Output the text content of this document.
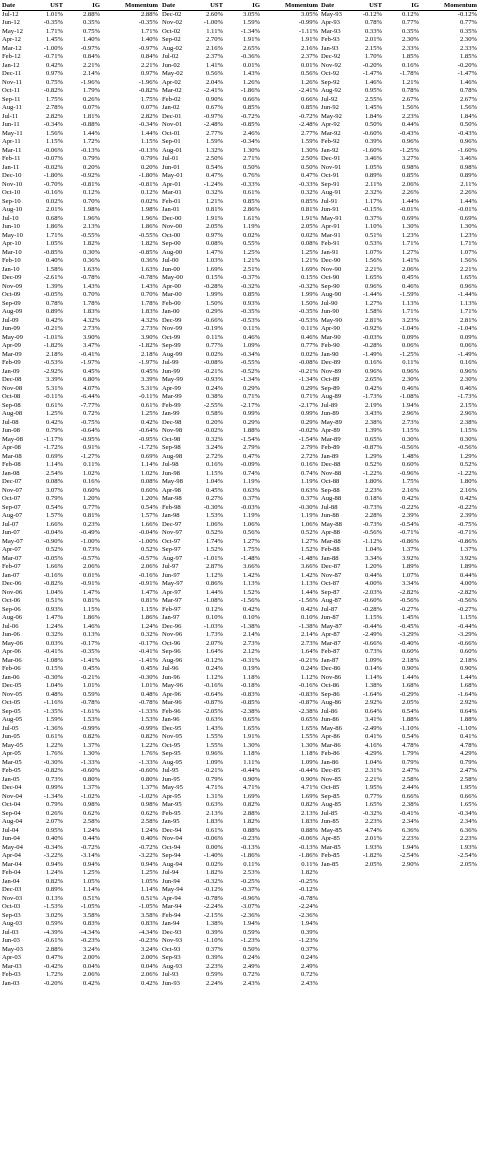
Date	UST	IG	Momentum
Jul-12	1.01%	2.88%	2.88%
Jun-12	-0.35%	0.35%	-0.35%
May-12	1.71%	0.75%	1.71%
Apr-12	1.45%	1.40%	1.40%
Mar-12	-1.00%	-0.97%	-0.97%
Feb-12	-0.71%	0.84%	0.84%
Jan-12	0.42%	2.21%	2.21%
Dec-11	0.97%	2.14%	0.97%
Nov-11	0.75%	-1.96%	-1.96%
Oct-11	-0.82%	1.79%	-0.82%
Sep-11	1.75%	0.26%	1.75%
Aug-11	2.78%	0.07%	0.07%
Jul-11	2.82%	1.81%	2.82%
Jun-11	-0.34%	-0.88%	-0.34%
May-11	1.56%	1.44%	1.44%
Apr-11	1.15%	1.72%	1.15%
Mar-11	-0.06%	-0.13%	-0.13%
Feb-11	-0.07%	0.79%	0.79%
Jan-11	-0.02%	0.20%	0.20%
Dec-10	-1.80%	-0.92%	-1.80%
Nov-10	-0.70%	-0.81%	-0.81%
Oct-10	-0.16%	0.12%	0.12%
Sep-10	0.02%	0.70%	0.02%
Aug-10	2.01%	1.98%	1.98%
Jul-10	0.68%	1.96%	1.96%
Jun-10	1.86%	2.13%	1.86%
May-10	1.71%	-0.55%	-0.55%
Apr-10	1.05%	1.82%	1.82%
Mar-10	-0.85%	0.30%	-0.85%
Feb-10	0.40%	0.36%	0.36%
Jan-10	1.58%	1.63%	1.63%
Dec-09	-2.61%	-0.78%	-0.78%
Nov-09	1.39%	1.43%	1.43%
Oct-09	-0.05%	0.70%	0.70%
Sep-09	0.78%	1.78%	1.78%
Aug-09	0.89%	1.83%	1.83%
Jul-09	0.42%	4.32%	4.32%
Jun-09	-0.21%	2.73%	2.73%
May-09	-1.01%	3.90%	3.90%
Apr-09	-1.82%	3.47%	-1.82%
Mar-09	2.18%	-0.41%	2.18%
Feb-09	-0.53%	-1.97%	-1.97%
Jan-09	-2.92%	0.45%	0.45%
Dec-08	3.39%	6.80%	3.39%
Nov-08	5.31%	4.07%	5.31%
Oct-08	-0.11%	-6.44%	-0.11%
Sep-08	0.61%	-7.77%	0.61%
Aug-08	1.25%	0.72%	1.25%
Jul-08	0.42%	-0.75%	0.42%
Jun-08	0.79%	-0.64%	-0.64%
May-08	-1.17%	-0.95%	-0.95%
Apr-08	-1.72%	0.91%	-1.72%
Mar-08	0.69%	-1.27%	0.69%
Feb-08	1.14%	0.11%	1.14%
Jan-08	2.54%	1.02%	1.02%
Dec-07	0.08%	0.16%	0.08%
Nov-07	3.07%	0.60%	0.60%
Oct-07	0.79%	1.20%	1.20%
Sep-07	0.54%	0.77%	0.54%
Aug-07	1.57%	0.81%	1.57%
Jul-07	1.66%	0.23%	1.66%
Jun-07	-0.04%	-0.49%	-0.04%
May-07	-0.90%	-1.00%	-1.00%
Apr-07	0.52%	0.73%	0.52%
Mar-07	-0.05%	-0.57%	-0.57%
Feb-07	1.66%	2.06%	2.06%
Jan-07	-0.16%	0.01%	-0.16%
Dec-06	-0.82%	-0.91%	-0.91%
Nov-06	1.04%	1.47%	1.47%
Oct-06	0.51%	0.81%	0.81%
Sep-06	0.93%	1.15%	1.15%
Aug-06	1.47%	1.86%	1.86%
Jul-06	1.24%	1.46%	1.24%
Jun-06	0.32%	0.13%	0.32%
May-06	0.03%	-0.17%	-0.17%
Apr-06	-0.41%	-0.35%	-0.41%
Mar-06	-1.08%	-1.41%	-1.41%
Feb-06	0.15%	0.45%	0.45%
Jan-06	-0.30%	-0.21%	-0.30%
Dec-05	1.04%	1.01%	1.01%
Nov-05	0.48%	0.59%	0.48%
Oct-05	-1.16%	-0.78%	-0.78%
Sep-05	-1.35%	-1.61%	-1.33%
Aug-05	1.59%	1.53%	1.53%
Jul-05	-1.36%	-0.99%	-0.99%
Jun-05	0.61%	0.82%	0.82%
May-05	1.22%	1.37%	1.22%
Apr-05	1.76%	1.30%	1.76%
Mar-05	-0.30%	-1.33%	-1.33%
Feb-05	-0.82%	-0.60%	-0.60%
Jan-05	0.73%	0.80%	0.80%
Dec-04	0.99%	1.37%	1.37%
Nov-04	-1.34%	-1.02%	-1.02%
Oct-04	0.79%	0.98%	0.98%
Sep-04	0.26%	0.62%	0.62%
Aug-04	2.07%	2.58%	2.58%
Jul-04	0.95%	1.24%	1.24%
Jun-04	0.40%	0.44%	0.40%
May-04	-0.34%	-0.72%	-0.72%
Apr-04	-3.22%	-3.14%	-3.22%
Mar-04	0.94%	0.94%	0.94%
Feb-04	1.24%	1.25%	1.25%
Jan-04	0.82%	1.05%	1.05%
Dec-03	0.89%	1.14%	1.14%
Nov-03	0.13%	0.51%	0.51%
Oct-03	-1.53%	-1.05%	-1.05%
Sep-03	3.02%	3.58%	3.58%
Aug-03	0.59%	0.83%	0.83%
Jul-03	-4.39%	-4.34%	-4.34%
Jun-03	-0.61%	-0.23%	-0.23%
May-03	2.88%	3.24%	3.24%
Apr-03	0.47%	2.00%	2.00%
Mar-03	-0.42%	0.04%	0.04%
Feb-03	1.72%	2.06%	2.06%
Jan-03	-0.20%	0.42%	0.42%
Date	UST	IG	Momentum
Dec-02	2.60%	3.05%	3.05%
Nov-02	-1.00%	1.59%	-0.99%
Oct-02	1.11%	-1.34%	-1.11%
Sep-02	2.70%	1.91%	1.91%
Aug-02	2.16%	2.65%	2.16%
Jul-02	2.37%	-0.36%	2.37%
Jun-02	1.41%	0.01%	0.01%
May-02	0.56%	1.43%	0.56%
Apr-02	2.04%	1.26%	1.26%
Mar-02	-2.41%	-1.86%	-2.41%
Feb-02	0.90%	0.66%	0.66%
Jan-02	0.67%	0.85%	0.85%
Dec-01	-0.97%	-0.72%	-0.72%
Nov-01	-2.48%	-0.85%	-2.48%
Oct-01	2.77%	2.46%	2.77%
Sep-01	1.59%	-0.34%	1.59%
Aug-01	1.32%	1.30%	1.30%
Jul-01	2.50%	2.71%	2.50%
Jun-01	0.54%	0.50%	0.50%
May-01	0.47%	0.76%	0.47%
Apr-01	-1.24%	-0.33%	-0.33%
Mar-01	0.32%	0.61%	0.32%
Feb-01	1.21%	0.85%	0.85%
Jan-01	0.81%	2.86%	0.81%
Dec-00	1.91%	1.61%	1.91%
Nov-00	2.05%	1.19%	2.05%
Oct-00	0.97%	0.02%	0.02%
Sep-00	0.08%	0.55%	0.08%
Aug-00	1.47%	1.25%	1.25%
Jul-00	1.03%	1.21%	1.21%
Jun-00	1.69%	2.51%	1.69%
May-00	0.15%	-0.37%	0.15%
Apr-00	-0.28%	-0.32%	-0.32%
Mar-00	1.99%	0.85%	1.99%
Feb-00	1.50%	0.93%	1.50%
Jan-00	0.29%	-0.35%	-0.35%
Dec-99	-0.66%	-0.53%	-0.53%
Nov-99	-0.19%	0.11%	0.11%
Oct-99	0.11%	0.46%	0.46%
Sep-99	0.77%	1.09%	0.77%
Aug-99	0.02%	-0.34%	0.02%
Jul-99	-0.08%	-0.55%	-0.08%
Jun-99	-0.21%	-0.52%	-0.21%
May-99	-0.93%	-1.34%	-1.34%
Apr-99	0.24%	0.29%	0.29%
Mar-99	0.38%	0.71%	0.71%
Feb-99	-2.55%	-2.17%	-2.17%
Jan-99	0.58%	0.99%	0.99%
Dec-98	0.20%	0.29%	0.29%
Nov-98	-0.02%	1.88%	-0.02%
Oct-98	0.32%	-1.54%	-1.54%
Sep-98	3.24%	2.79%	2.79%
Aug-98	2.72%	0.47%	2.72%
Jul-98	0.16%	-0.09%	0.16%
Jun-98	1.15%	0.74%	0.74%
May-98	1.04%	1.19%	1.19%
Apr-98	0.45%	0.63%	0.63%
Mar-98	0.27%	0.37%	0.37%
Feb-98	-0.30%	-0.03%	-0.30%
Jan-98	1.53%	1.19%	1.19%
Dec-97	1.06%	1.06%	1.06%
Nov-97	0.52%	0.56%	0.52%
Oct-97	1.74%	1.27%	1.27%
Sep-97	1.52%	1.75%	1.52%
Aug-97	-1.01%	-1.48%	-1.48%
Jul-97	2.87%	3.66%	3.66%
Jun-97	1.12%	1.42%	1.42%
May-97	0.86%	1.13%	1.13%
Apr-97	1.44%	1.52%	1.44%
Mar-97	-1.08%	-1.56%	-1.56%
Feb-97	0.12%	0.42%	0.42%
Jan-97	0.10%	0.10%	0.10%
Dec-96	-1.03%	-1.38%	-1.38%
Nov-96	1.73%	2.14%	2.14%
Oct-96	2.07%	2.73%	2.73%
Sep-96	1.64%	2.12%	1.64%
Aug-96	-0.12%	-0.31%	-0.21%
Jul-96	0.24%	0.19%	0.24%
Jun-96	1.12%	1.18%	1.12%
May-96	-0.16%	-0.18%	-0.16%
Apr-96	-0.64%	-0.83%	-0.83%
Mar-96	-0.87%	-0.85%	-0.87%
Feb-96	-2.05%	-2.38%	-2.38%
Jan-96	0.63%	0.65%	0.65%
Dec-95	1.43%	1.65%	1.65%
Nov-95	1.55%	1.91%	1.55%
Oct-95	1.55%	1.30%	1.30%
Sep-95	0.96%	1.18%	1.18%
Aug-95	1.09%	1.11%	1.09%
Jul-95	-0.21%	-0.44%	-0.44%
Jun-95	0.79%	0.90%	0.90%
May-95	4.71%	4.71%	4.71%
Apr-95	1.31%	1.69%	1.69%
Mar-95	0.63%	0.82%	0.82%
Feb-95	2.13%	2.88%	2.13%
Jan-95	1.83%	1.82%	1.83%
Dec-94	0.61%	0.88%	0.88%
Nov-94	-0.06%	-0.23%	-0.06%
Oct-94	0.00%	-0.13%	-0.13%
Sep-94	-1.40%	-1.86%	-1.86%
Aug-94	0.02%	0.11%	0.11%
Jul-94	1.82%	2.53%	1.82%
Jun-94	-0.32%	-0.25%	-0.25%
May-94	-0.12%	-0.37%	-0.12%
Apr-94	-0.78%	-0.96%	-0.78%
Mar-94	-2.24%	-3.07%	-2.24%
Feb-94	-2.15%	-2.36%	-2.36%
Jan-94	1.38%	1.94%	1.94%
Dec-93	0.39%	0.59%	0.39%
Nov-93	-1.10%	-1.23%	-1.23%
Oct-93	0.37%	0.50%	0.37%
Sep-93	0.39%	0.24%	0.24%
Aug-93	2.23%	2.49%	2.49%
Jul-93	0.59%	0.72%	0.72%
Jun-93	2.24%	2.43%	2.43%
Date	UST	IG	Momentum
May-93	-0.12%	0.12%	-0.12%
Apr-93	0.78%	0.77%	0.77%
Mar-93	0.33%	0.35%	0.35%
Feb-93	2.01%	2.30%	2.30%
Jan-93	2.15%	2.33%	2.33%
Dec-92	1.70%	1.85%	1.85%
Nov-92	-0.20%	0.16%	-0.20%
Oct-92	-1.47%	-1.78%	-1.47%
Sep-92	1.46%	1.21%	1.46%
Aug-92	0.95%	0.78%	0.78%
Jul-92	2.55%	2.67%	2.67%
Jun-92	1.45%	1.56%	1.56%
May-92	1.84%	2.23%	1.84%
Apr-92	0.50%	0.44%	0.50%
Mar-92	-0.60%	-0.43%	-0.43%
Feb-92	0.39%	0.96%	0.96%
Jan-92	-1.60%	-1.25%	-1.60%
Dec-91	3.46%	3.27%	3.46%
Nov-91	1.05%	0.98%	0.98%
Oct-91	0.89%	0.85%	0.89%
Sep-91	2.11%	2.06%	2.11%
Aug-91	2.32%	2.26%	2.26%
Jul-91	1.17%	1.44%	1.44%
Jun-91	-0.15%	-0.01%	-0.01%
May-91	0.37%	0.69%	0.69%
Apr-91	1.10%	1.30%	1.30%
Mar-91	0.51%	1.23%	1.23%
Feb-91	0.53%	1.71%	1.71%
Jan-91	1.07%	1.27%	1.07%
Dec-90	1.56%	1.41%	1.56%
Nov-90	2.21%	2.06%	2.21%
Oct-90	1.65%	0.45%	1.65%
Sep-90	0.96%	0.46%	0.96%
Aug-90	-1.44%	-1.59%	-1.44%
Jul-90	1.27%	1.13%	1.13%
Jun-90	1.58%	1.71%	1.71%
May-90	2.81%	3.23%	2.81%
Apr-90	-0.92%	-1.04%	-1.04%
Mar-90	-0.03%	0.09%	0.09%
Feb-90	-0.28%	0.06%	0.06%
Jan-90	-1.49%	-1.25%	-1.49%
Dec-89	0.16%	0.11%	0.16%
Nov-89	0.96%	0.96%	0.96%
Oct-89	2.65%	2.30%	2.30%
Sep-89	0.42%	0.46%	0.46%
Aug-89	-1.73%	-1.08%	-1.73%
Jul-89	2.19%	1.94%	2.15%
Jun-89	3.43%	2.96%	2.96%
May-89	2.38%	2.73%	2.38%
Apr-89	1.39%	1.15%	1.15%
Mar-89	0.65%	0.30%	0.30%
Feb-89	-0.87%	-0.56%	-0.56%
Jan-89	1.29%	1.48%	1.29%
Dec-88	0.52%	0.60%	0.52%
Nov-88	-1.22%	-0.96%	-1.22%
Oct-88	1.80%	1.75%	1.80%
Sep-88	2.23%	2.16%	2.16%
Aug-88	0.18%	0.42%	0.42%
Jul-88	-0.73%	-0.22%	-0.22%
Jun-88	2.28%	2.39%	2.39%
May-88	-0.73%	-0.54%	-0.75%
Apr-88	-0.56%	-0.71%	-0.71%
Mar-88	-1.12%	-0.86%	-0.86%
Feb-88	1.04%	1.37%	1.37%
Jan-88	3.34%	3.92%	3.92%
Dec-87	1.20%	1.89%	1.89%
Nov-87	0.44%	1.07%	0.44%
Oct-87	4.00%	3.34%	4.00%
Sep-87	-2.03%	-2.82%	-2.82%
Aug-87	-0.60%	-0.56%	-0.56%
Jul-87	-0.28%	-0.27%	-0.27%
Jun-87	1.15%	1.45%	1.15%
May-87	-0.44%	-0.45%	-0.44%
Apr-87	-2.49%	-3.29%	-3.29%
Mar-87	-0.66%	-0.40%	-0.66%
Feb-87	0.73%	0.60%	0.60%
Jan-87	1.09%	2.18%	2.18%
Dec-86	0.14%	0.90%	0.90%
Nov-86	1.14%	1.44%	1.44%
Oct-86	1.38%	1.68%	1.68%
Sep-86	-1.64%	-0.29%	-1.64%
Aug-86	2.92%	2.05%	2.92%
Jul-86	0.64%	0.54%	0.64%
Jun-86	3.41%	1.88%	1.88%
May-86	-2.49%	-1.10%	-1.10%
Apr-86	0.41%	0.54%	0.41%
Mar-86	4.16%	4.78%	4.78%
Feb-86	4.29%	1.79%	4.29%
Jan-86	1.04%	0.79%	0.79%
Dec-85	2.31%	2.47%	2.47%
Nov-85	2.21%	2.58%	2.58%
Oct-85	1.95%	2.44%	1.95%
Sep-85	0.77%	0.66%	0.66%
Aug-85	1.65%	2.38%	1.65%
Jul-85	-0.32%	-0.41%	-0.34%
Jun-85	2.23%	2.34%	2.34%
May-85	4.74%	6.36%	6.36%
Apr-85	2.01%	2.23%	2.23%
Mar-85	1.93%	1.94%	1.93%
Feb-85	-1.82%	-2.54%	-2.54%
Jan-85	2.05%	2.90%	2.05%
